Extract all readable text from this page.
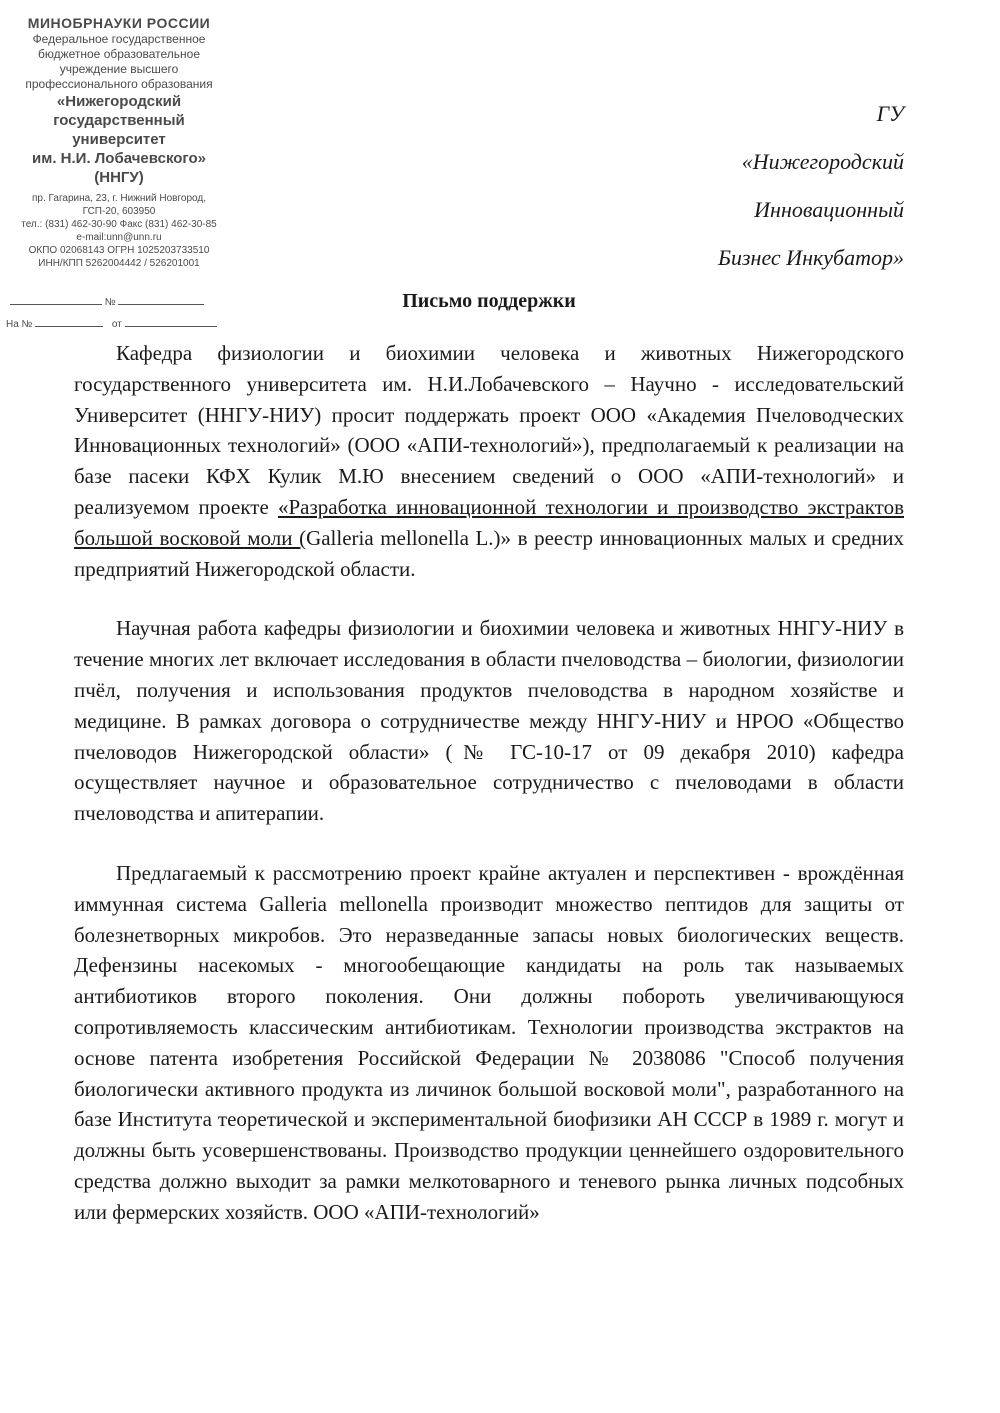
МИНОБРНАУКИ РОССИИ
Федеральное государственное
бюджетное образовательное
учреждение высшего
профессионального образования
«Нижегородский
государственный
университет
им. Н.И. Лобачевского»
(ННГУ)
пр. Гагарина, 23, г. Нижний Новгород,
ГСП-20, 603950
тел.: (831) 462-30-90 Факс (831) 462-30-85
e-mail:unn@unn.ru
ОКПО 02068143 ОГРН 1025203733510
ИНН/КПП 5262004442 / 526201001
№
На №	от
ГУ
«Нижегородский
Инновационный
Бизнес Инкубатор»
Письмо поддержки

Кафедра физиологии и биохимии человека и животных Нижегородского государственного университета им. Н.И.Лобачевского – Научно - исследовательский Университет (ННГУ-НИУ) просит поддержать проект ООО «Академия Пчеловодческих Инновационных технологий» (ООО «АПИ-технологий»), предполагаемый к реализации на базе пасеки КФХ Кулик М.Ю внесением сведений о ООО «АПИ-технологий» и реализуемом проекте «Разработка инновационной технологии и производство экстрактов большой восковой моли (Galleria mellonella L.)» в реестр инновационных малых и средних предприятий Нижегородской области.

Научная работа кафедры физиологии и биохимии человека и животных ННГУ-НИУ в течение многих лет включает исследования в области пчеловодства – биологии, физиологии пчёл, получения и использования продуктов пчеловодства в народном хозяйстве и медицине. В рамках договора о сотрудничестве между ННГУ-НИУ и НРОО «Общество пчеловодов Нижегородской области» (№ ГС-10-17 от 09 декабря 2010) кафедра осуществляет научное и образовательное сотрудничество с пчеловодами в области пчеловодства и апитерапии.

Предлагаемый к рассмотрению проект крайне актуален и перспективен - врождённая иммунная система Galleria mellonella производит множество пептидов для защиты от болезнетворных микробов. Это неразведанные запасы новых биологических веществ. Дефензины насекомых - многообещающие кандидаты на роль так называемых антибиотиков второго поколения. Они должны побороть увеличивающуюся сопротивляемость классическим антибиотикам. Технологии производства экстрактов на основе патента изобретения Российской Федерации № 2038086 "Способ получения биологически активного продукта из личинок большой восковой моли", разработанного на базе Института теоретической и экспериментальной биофизики АН СССР в 1989 г. могут и должны быть усовершенствованы. Производство продукции ценнейшего оздоровительного средства должно выходит за рамки мелкотоварного и теневого рынка личных подсобных или фермерских хозяйств. ООО «АПИ-технологий»
